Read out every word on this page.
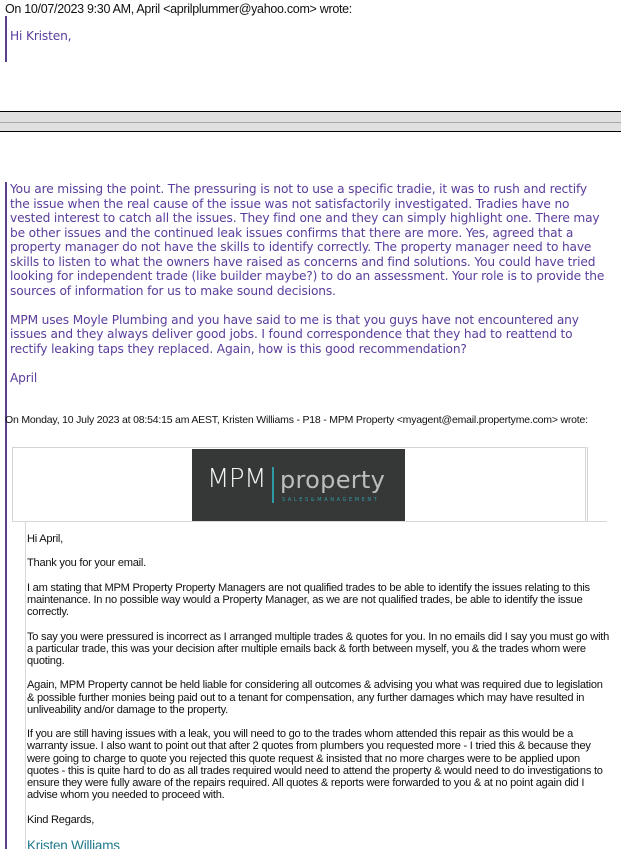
On 10/07/2023 9:30 AM, April <aprilplummer@yahoo.com> wrote:
Hi Kristen,

You are missing the point. The pressuring is not to use a specific tradie, it was to rush and rectify the issue when the real cause of the issue was not satisfactorily investigated. Tradies have no vested interest to catch all the issues. They find one and they can simply highlight one. There may be other issues and the continued leak issues confirms that there are more. Yes, agreed that a property manager do not have the skills to identify correctly. The property manager need to have skills to listen to what the owners have raised as concerns and find solutions. You could have tried looking for independent trade (like builder maybe?) to do an assessment. Your role is to provide the sources of information for us to make sound decisions.

MPM uses Moyle Plumbing and you have said to me is that you guys have not encountered any issues and they always deliver good jobs. I found correspondence that they had to reattend to rectify leaking taps they replaced. Again, how is this good recommendation?

April

On Monday, 10 July 2023 at 08:54:15 am AEST, Kristen Williams - P18 - MPM Property <myagent@email.propertyme.com> wrote:
MPM property
SALES&MANAGEMENT

Hi April,

Thank you for your email.

I am stating that MPM Property Property Managers are not qualified trades to be able to identify the issues relating to this maintenance. In no possible way would a Property Manager, as we are not qualified trades, be able to identify the issue correctly.

To say you were pressured is incorrect as I arranged multiple trades & quotes for you. In no emails did I say you must go with a particular trade, this was your decision after multiple emails back & forth between myself, you & the trades whom were quoting.

Again, MPM Property cannot be held liable for considering all outcomes & advising you what was required due to legislation & possible further monies being paid out to a tenant for compensation, any further damages which may have resulted in unliveability and/or damage to the property.

If you are still having issues with a leak, you will need to go to the trades whom attended this repair as this would be a warranty issue. I also want to point out that after 2 quotes from plumbers you requested more - I tried this & because they were going to charge to quote you rejected this quote request & insisted that no more charges were to be applied upon quotes - this is quite hard to do as all trades required would need to attend the property & would need to do investigations to ensure they were fully aware of the repairs required. All quotes & reports were forwarded to you & at no point again did I advise whom you needed to proceed with.

Kind Regards,

Kristen Williams
